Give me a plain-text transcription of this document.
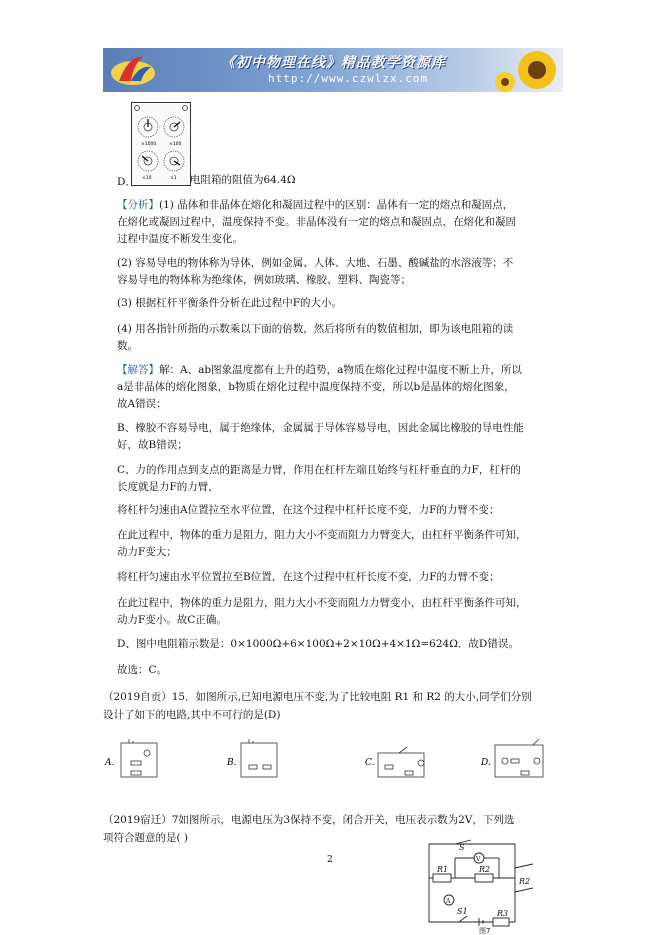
《初中物理在线》精品教学资源库
http://www.czwlzx.com
×1000	×100
×10	×1
D．	电阻箱的阻值为64.4Ω
【分析】(1) 晶体和非晶体在熔化和凝固过程中的区别：晶体有一定的熔点和凝固点，
在熔化或凝固过程中，温度保持不变。非晶体没有一定的熔点和凝固点，在熔化和凝固
过程中温度不断发生变化。
(2) 容易导电的物体称为导体，例如金属、人体、大地、石墨、酸碱盐的水溶液等；不
容易导电的物体称为绝缘体，例如玻璃、橡胶、塑料、陶瓷等；
(3) 根据杠杆平衡条件分析在此过程中F的大小。
(4) 用各指针所指的示数乘以下面的倍数，然后将所有的数值相加，即为该电阻箱的读
数。
【解答】解：A、ab图象温度都有上升的趋势，a物质在熔化过程中温度不断上升，所以
a是非晶体的熔化图象，b物质在熔化过程中温度保持不变，所以b是晶体的熔化图象，
故A错误；
B、橡胶不容易导电，属于绝缘体，金属属于导体容易导电，因此金属比橡胶的导电性能
好，故B错误；
C、力的作用点到支点的距离是力臂，作用在杠杆左端且始终与杠杆垂直的力F，杠杆的
长度就是力F的力臂，
将杠杆匀速由A位置拉至水平位置，在这个过程中杠杆长度不变，力F的力臂不变；
在此过程中，物体的重力是阻力，阻力大小不变而阻力力臂变大，由杠杆平衡条件可知，
动力F变大；
将杠杆匀速由水平位置拉至B位置，在这个过程中杠杆长度不变，力F的力臂不变；
在此过程中，物体的重力是阻力，阻力大小不变而阻力力臂变小，由杠杆平衡条件可知，
动力F变小。故C正确。
D、图中电阻箱示数是：0×1000Ω+6×100Ω+2×10Ω+4×1Ω=624Ω．故D错误。
故选：C。
（2019自贡）15．如图所示,已知电源电压不变,为了比较电阻 R1 和 R2 的大小,同学们分别
设计了如下的电路,其中不可行的是(D)
A.	B.	C.	D.
（2019宿迁）7如图所示，电源电压为3保持不变，闭合开关，电压表示数为2V，下列选
项符合题意的是( )
2
S
R1	R2
R2
V
A
S1	R3
图7
